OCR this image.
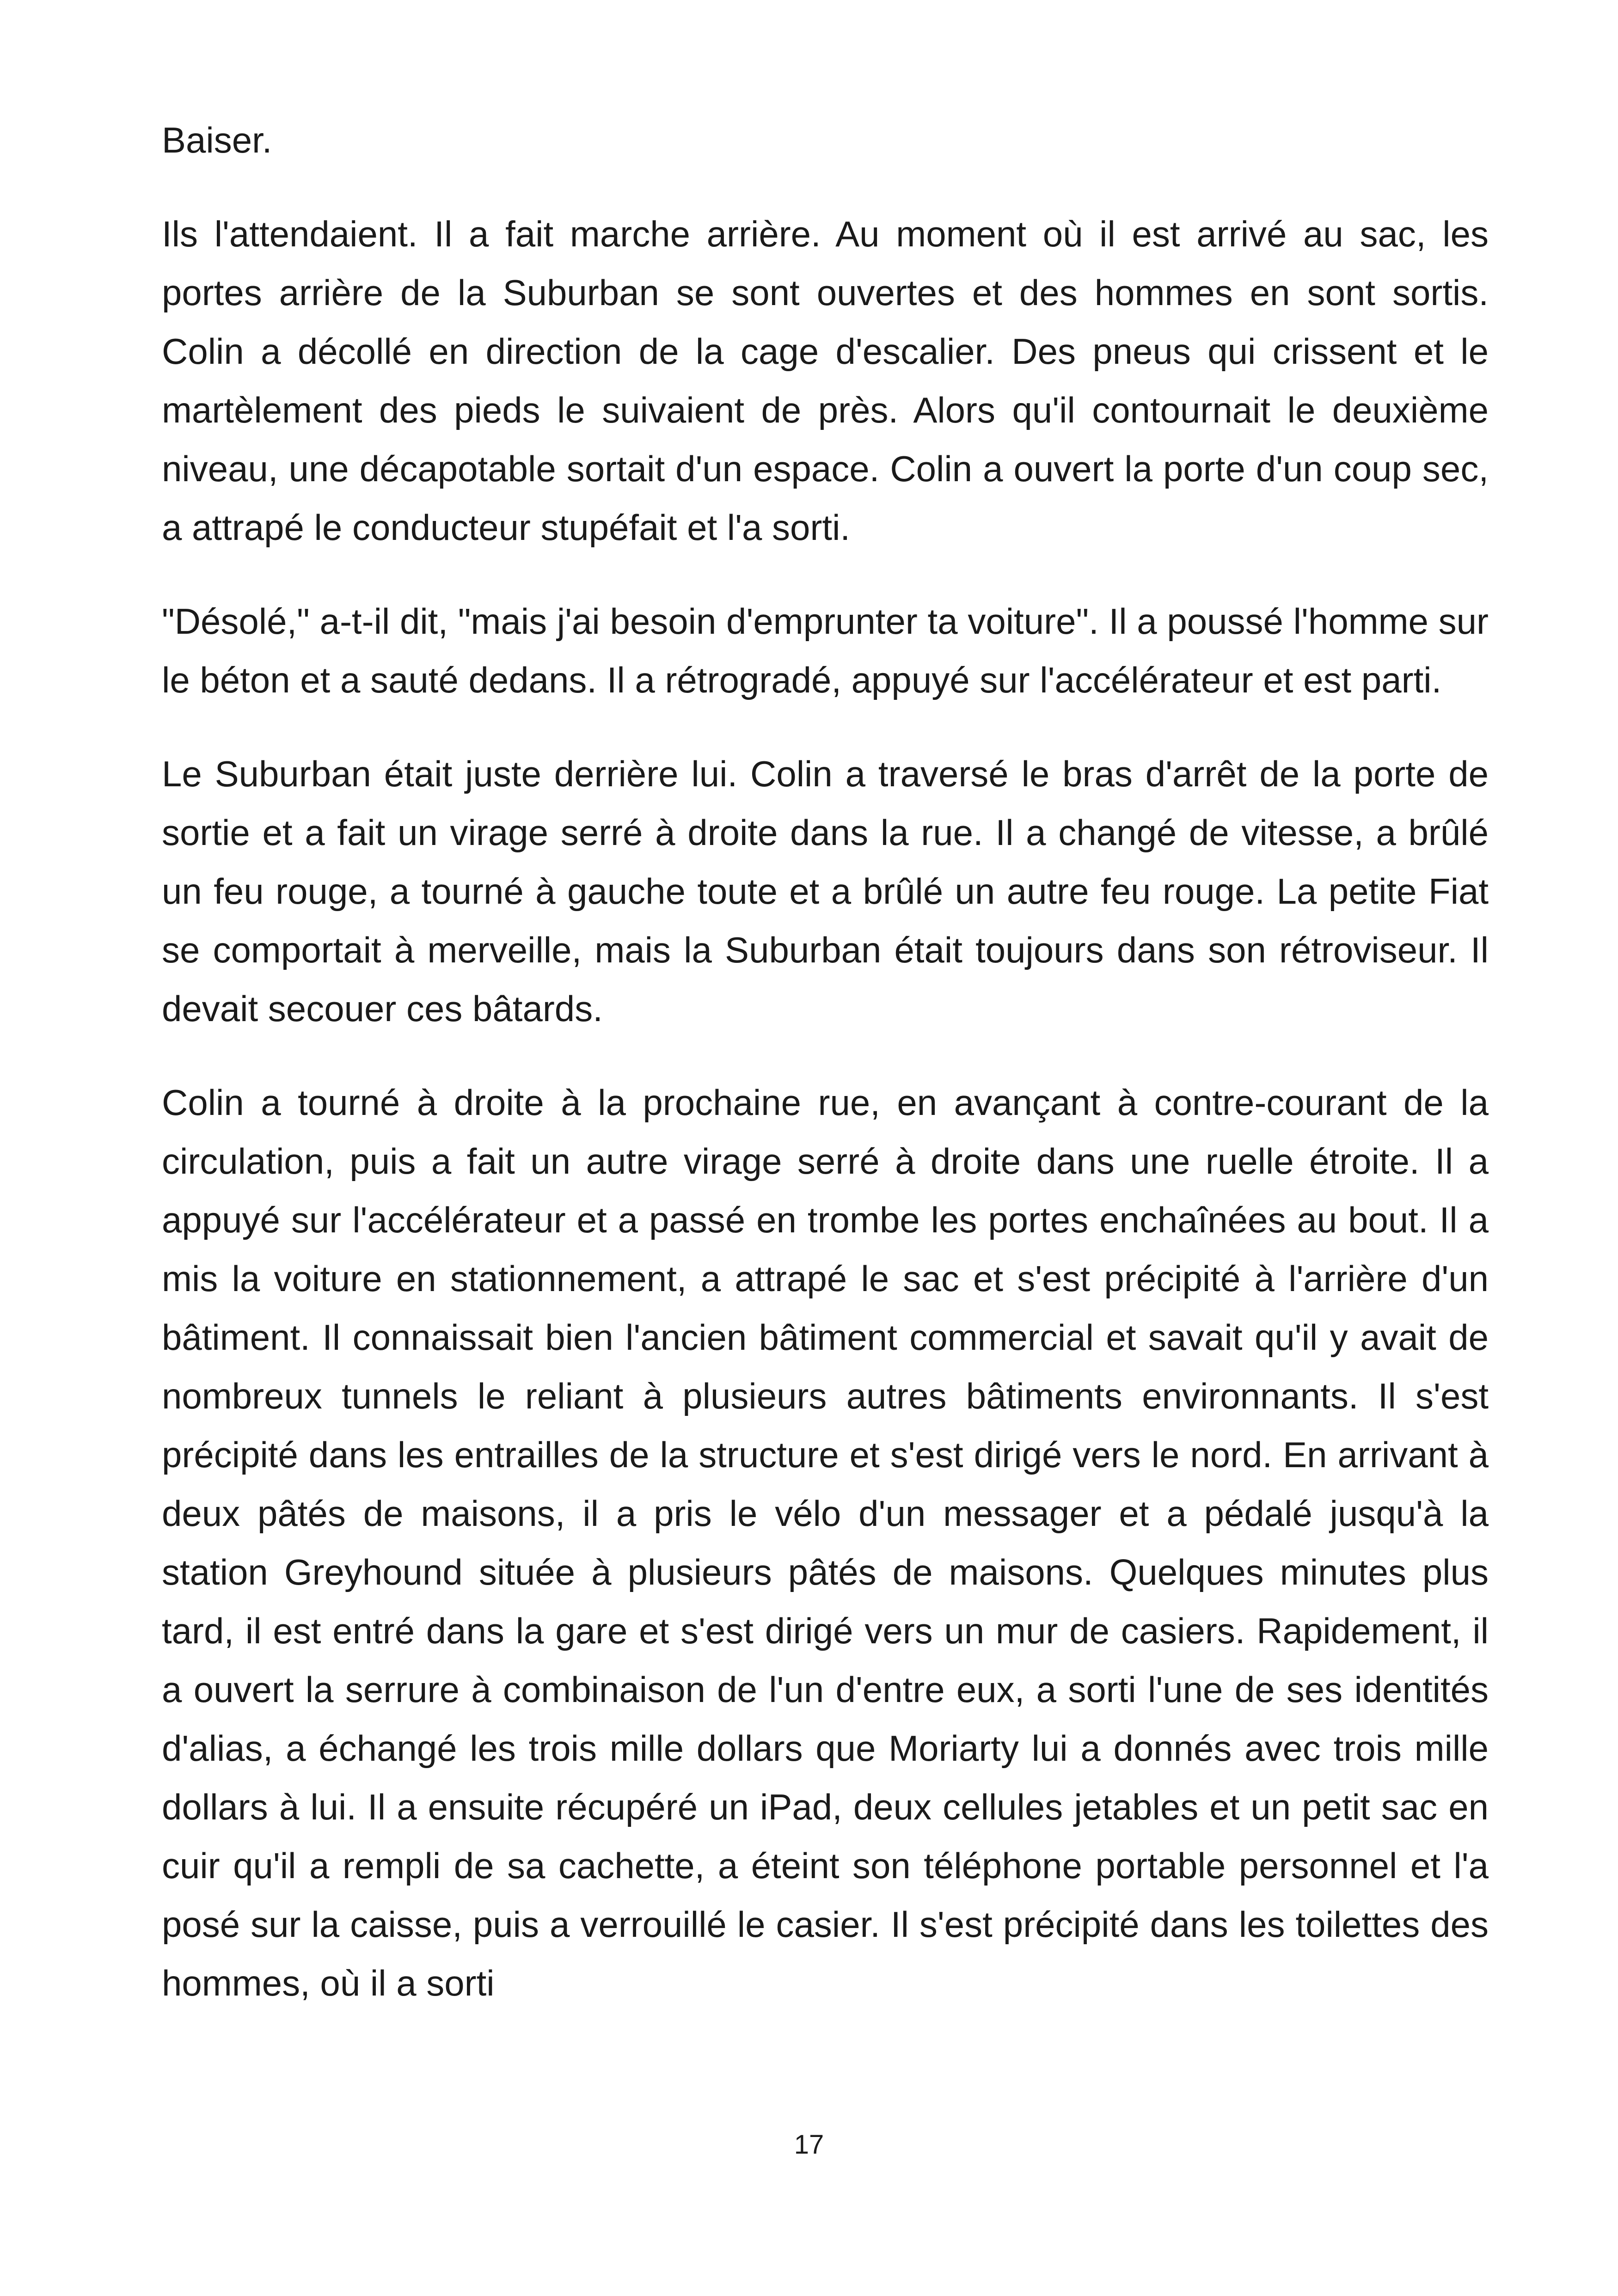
Baiser.

Ils l'attendaient. Il a fait marche arrière. Au moment où il est arrivé au sac, les portes arrière de la Suburban se sont ouvertes et des hommes en sont sortis. Colin a décollé en direction de la cage d'escalier. Des pneus qui crissent et le martèlement des pieds le suivaient de près. Alors qu'il contournait le deuxième niveau, une décapotable sortait d'un espace. Colin a ouvert la porte d'un coup sec, a attrapé le conducteur stupéfait et l'a sorti.

"Désolé," a-t-il dit, "mais j'ai besoin d'emprunter ta voiture". Il a poussé l'homme sur le béton et a sauté dedans. Il a rétrogradé, appuyé sur l'accélérateur et est parti.

Le Suburban était juste derrière lui. Colin a traversé le bras d'arrêt de la porte de sortie et a fait un virage serré à droite dans la rue. Il a changé de vitesse, a brûlé un feu rouge, a tourné à gauche toute et a brûlé un autre feu rouge. La petite Fiat se comportait à merveille, mais la Suburban était toujours dans son rétroviseur. Il devait secouer ces bâtards.

Colin a tourné à droite à la prochaine rue, en avançant à contre-courant de la circulation, puis a fait un autre virage serré à droite dans une ruelle étroite. Il a appuyé sur l'accélérateur et a passé en trombe les portes enchaînées au bout. Il a mis la voiture en stationnement, a attrapé le sac et s'est précipité à l'arrière d'un bâtiment. Il connaissait bien l'ancien bâtiment commercial et savait qu'il y avait de nombreux tunnels le reliant à plusieurs autres bâtiments environnants. Il s'est précipité dans les entrailles de la structure et s'est dirigé vers le nord. En arrivant à deux pâtés de maisons, il a pris le vélo d'un messager et a pédalé jusqu'à la station Greyhound située à plusieurs pâtés de maisons. Quelques minutes plus tard, il est entré dans la gare et s'est dirigé vers un mur de casiers. Rapidement, il a ouvert la serrure à combinaison de l'un d'entre eux, a sorti l'une de ses identités d'alias, a échangé les trois mille dollars que Moriarty lui a donnés avec trois mille dollars à lui. Il a ensuite récupéré un iPad, deux cellules jetables et un petit sac en cuir qu'il a rempli de sa cachette, a éteint son téléphone portable personnel et l'a posé sur la caisse, puis a verrouillé le casier. Il s'est précipité dans les toilettes des hommes, où il a sorti

17
